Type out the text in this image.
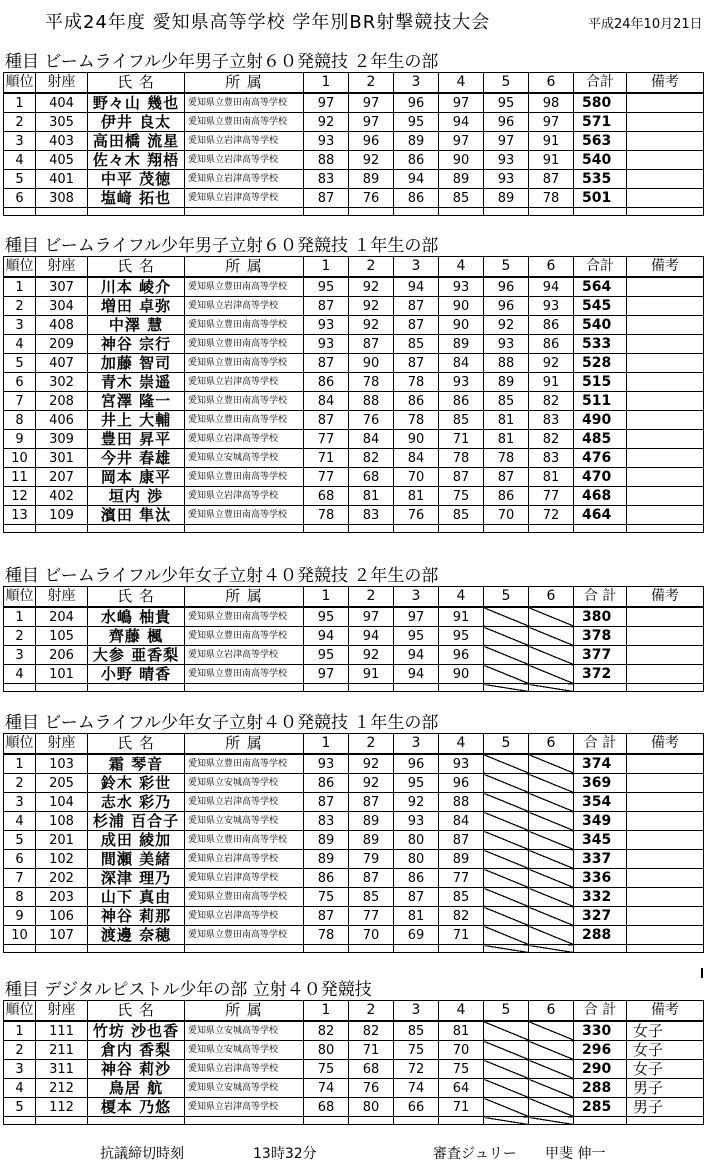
平成24年度 愛知県高等学校 学年別BR射撃競技大会	平成24年10月21日
種目 ビームライフル少年男子立射６０発競技 ２年生の部
順位	射座	氏 名	所 属	1	2	3	4	5	6	合計	備考
1	404	野々山 幾也	愛知県立豊田南高等学校	97	97	96	97	95	98	580	
2	305	伊井 良太	愛知県立豊田南高等学校	92	97	95	94	96	97	571	
3	403	高田橋 流星	愛知県立岩津高等学校	93	96	89	97	97	91	563	
4	405	佐々木 翔梧	愛知県立岩津高等学校	88	92	86	90	93	91	540	
5	401	中平 茂徳	愛知県立岩津高等学校	83	89	94	89	93	87	535	
6	308	塩﨑 拓也	愛知県立岩津高等学校	87	76	86	85	89	78	501	

種目 ビームライフル少年男子立射６０発競技 １年生の部
順位	射座	氏 名	所 属	1	2	3	4	5	6	合計	備考
1	307	川本 崚介	愛知県立豊田南高等学校	95	92	94	93	96	94	564	
2	304	増田 卓弥	愛知県立岩津高等学校	87	92	87	90	96	93	545	
3	408	中澤 慧	愛知県立豊田南高等学校	93	92	87	90	92	86	540	
4	209	神谷 宗行	愛知県立豊田南高等学校	93	87	85	89	93	86	533	
5	407	加藤 智司	愛知県立豊田南高等学校	87	90	87	84	88	92	528	
6	302	青木 崇遥	愛知県立岩津高等学校	86	78	78	93	89	91	515	
7	208	宮澤 隆一	愛知県立豊田南高等学校	84	88	86	86	85	82	511	
8	406	井上 大輔	愛知県立豊田南高等学校	87	76	78	85	81	83	490	
9	309	豊田 昇平	愛知県立岩津高等学校	77	84	90	71	81	82	485	
10	301	今井 春雄	愛知県立安城高等学校	71	82	84	78	78	83	476	
11	207	岡本 康平	愛知県立豊田南高等学校	77	68	70	87	87	81	470	
12	402	垣内 渉	愛知県立岩津高等学校	68	81	81	75	86	77	468	
13	109	濱田 隼汰	愛知県立豊田南高等学校	78	83	76	85	70	72	464	

種目 ビームライフル少年女子立射４０発競技 ２年生の部
順位	射座	氏 名	所 属	1	2	3	4	5	6	合 計	備考
1	204	水嶋 柚貴	愛知県立豊田南高等学校	95	97	97	91			380	
2	105	齊藤 楓	愛知県立豊田南高等学校	94	94	95	95			378	
3	206	大参 亜香梨	愛知県立岩津高等学校	95	92	94	96			377	
4	101	小野 晴香	愛知県立豊田南高等学校	97	91	94	90			372	

種目 ビームライフル少年女子立射４０発競技 １年生の部
順位	射座	氏 名	所 属	1	2	3	4	5	6	合 計	備考
1	103	霜 琴音	愛知県立豊田南高等学校	93	92	96	93			374	
2	205	鈴木 彩世	愛知県立安城高等学校	86	92	95	96			369	
3	104	志水 彩乃	愛知県立岩津高等学校	87	87	92	88			354	
4	108	杉浦 百合子	愛知県立安城高等学校	83	89	93	84			349	
5	201	成田 綾加	愛知県立豊田南高等学校	89	89	80	87			345	
6	102	間瀬 美緒	愛知県立岩津高等学校	89	79	80	89			337	
7	202	深津 理乃	愛知県立岩津高等学校	86	87	86	77			336	
8	203	山下 真由	愛知県立豊田南高等学校	75	85	87	85			332	
9	106	神谷 莉那	愛知県立岩津高等学校	87	77	81	82			327	
10	107	渡邊 奈穂	愛知県立豊田南高等学校	78	70	69	71			288	

種目 デジタルピストル少年の部 立射４０発競技
順位	射座	氏 名	所 属	1	2	3	4	5	6	合 計	備考
1	111	竹坊 沙也香	愛知県立安城高等学校	82	82	85	81			330	女子
2	211	倉内 香梨	愛知県立安城高等学校	80	71	75	70			296	女子
3	311	神谷 莉沙	愛知県立岩津高等学校	75	68	72	75			290	女子
4	212	鳥居 航	愛知県立安城高等学校	74	76	74	64			288	男子
5	112	榎本 乃悠	愛知県立岩津高等学校	68	80	66	71			285	男子

抗議締切時刻	13時32分	審査ジュリー 甲斐 伸一
